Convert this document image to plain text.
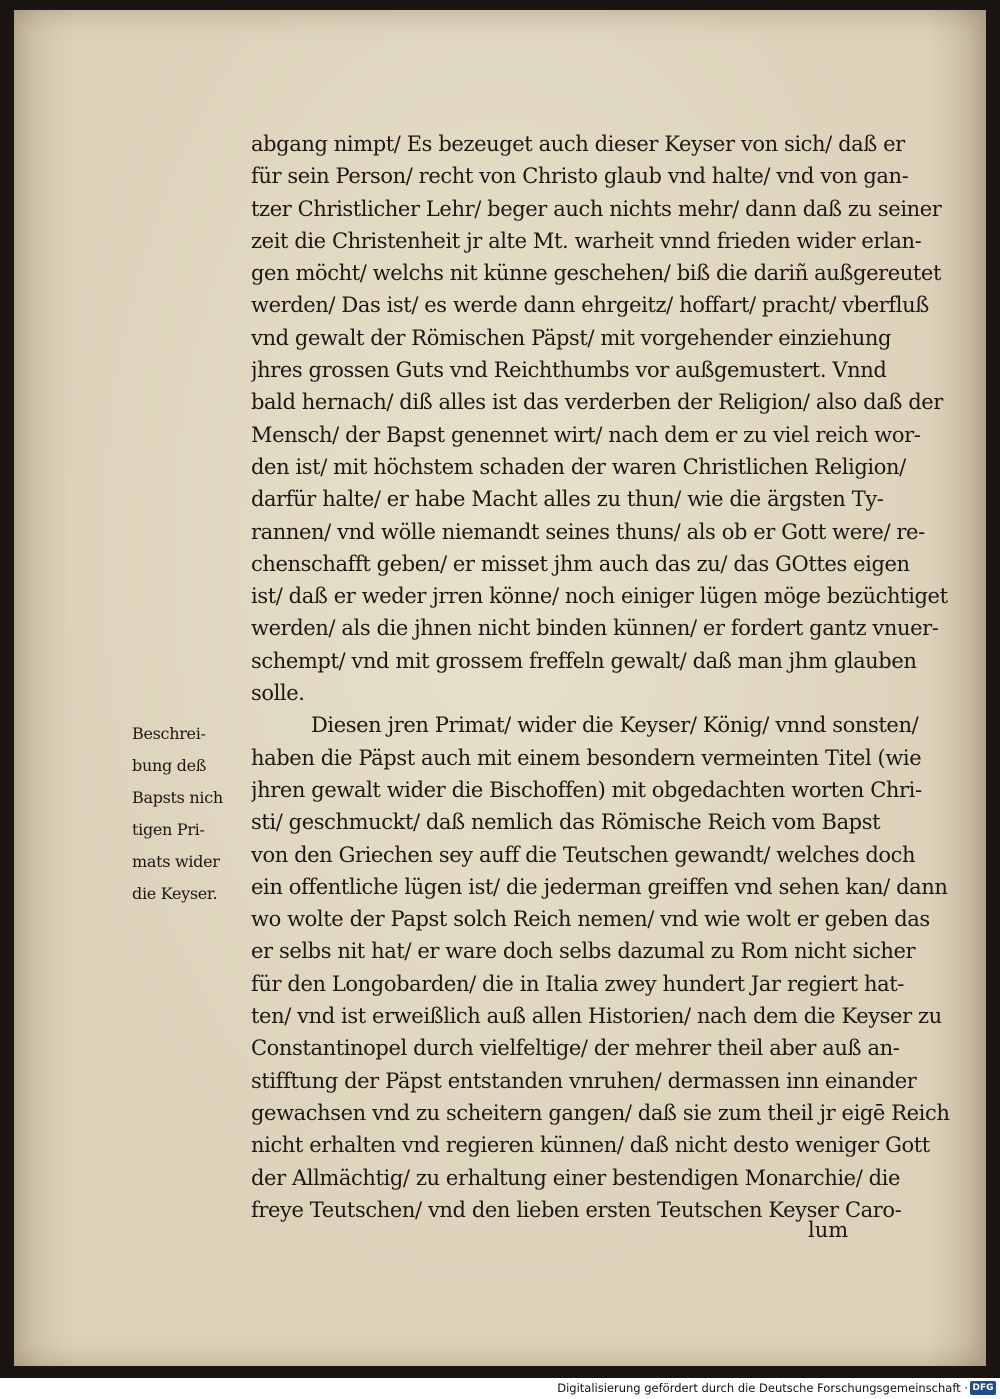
abgang nimpt/ Es bezeuget auch dieser Keyser von sich/ daß er
für sein Person/ recht von Christo glaub vnd halte/ vnd von gan-
tzer Christlicher Lehr/ beger auch nichts mehr/ dann daß zu seiner
zeit die Christenheit jr alte Mt. warheit vnnd frieden wider erlan-
gen möcht/ welchs nit künne geschehen/ biß die dariñ außgereutet
werden/ Das ist/ es werde dann ehrgeitz/ hoffart/ pracht/ vberfluß
vnd gewalt der Römischen Päpst/ mit vorgehender einziehung
jhres grossen Guts vnd Reichthumbs vor außgemustert. Vnnd
bald hernach/ diß alles ist das verderben der Religion/ also daß der
Mensch/ der Bapst genennet wirt/ nach dem er zu viel reich wor-
den ist/ mit höchstem schaden der waren Christlichen Religion/
darfür halte/ er habe Macht alles zu thun/ wie die ärgsten Ty-
rannen/ vnd wölle niemandt seines thuns/ als ob er Gott were/ re-
chenschafft geben/ er misset jhm auch das zu/ das GOttes eigen
ist/ daß er weder jrren könne/ noch einiger lügen möge bezüchtiget
werden/ als die jhnen nicht binden künnen/ er fordert gantz vnuer-
schempt/ vnd mit grossem freffeln gewalt/ daß man jhm glauben
solle.
Diesen jren Primat/ wider die Keyser/ König/ vnnd sonsten/
haben die Päpst auch mit einem besondern vermeinten Titel (wie
jhren gewalt wider die Bischoffen) mit obgedachten worten Chri-
sti/ geschmuckt/ daß nemlich das Römische Reich vom Bapst
von den Griechen sey auff die Teutschen gewandt/ welches doch
ein offentliche lügen ist/ die jederman greiffen vnd sehen kan/ dann
wo wolte der Papst solch Reich nemen/ vnd wie wolt er geben das
er selbs nit hat/ er ware doch selbs dazumal zu Rom nicht sicher
für den Longobarden/ die in Italia zwey hundert Jar regiert hat-
ten/ vnd ist erweißlich auß allen Historien/ nach dem die Keyser zu
Constantinopel durch vielfeltige/ der mehrer theil aber auß an-
stifftung der Päpst entstanden vnruhen/ dermassen inn einander
gewachsen vnd zu scheitern gangen/ daß sie zum theil jr eigē Reich
nicht erhalten vnd regieren künnen/ daß nicht desto weniger Gott
der Allmächtig/ zu erhaltung einer bestendigen Monarchie/ die
freye Teutschen/ vnd den lieben ersten Teutschen Keyser Caro-
Beschrei-
bung deß
Bapsts nich
tigen Pri-
mats wider
die Keyser.
lum
Digitalisierung gefördert durch die Deutsche Forschungsgemeinschaft · DFG
